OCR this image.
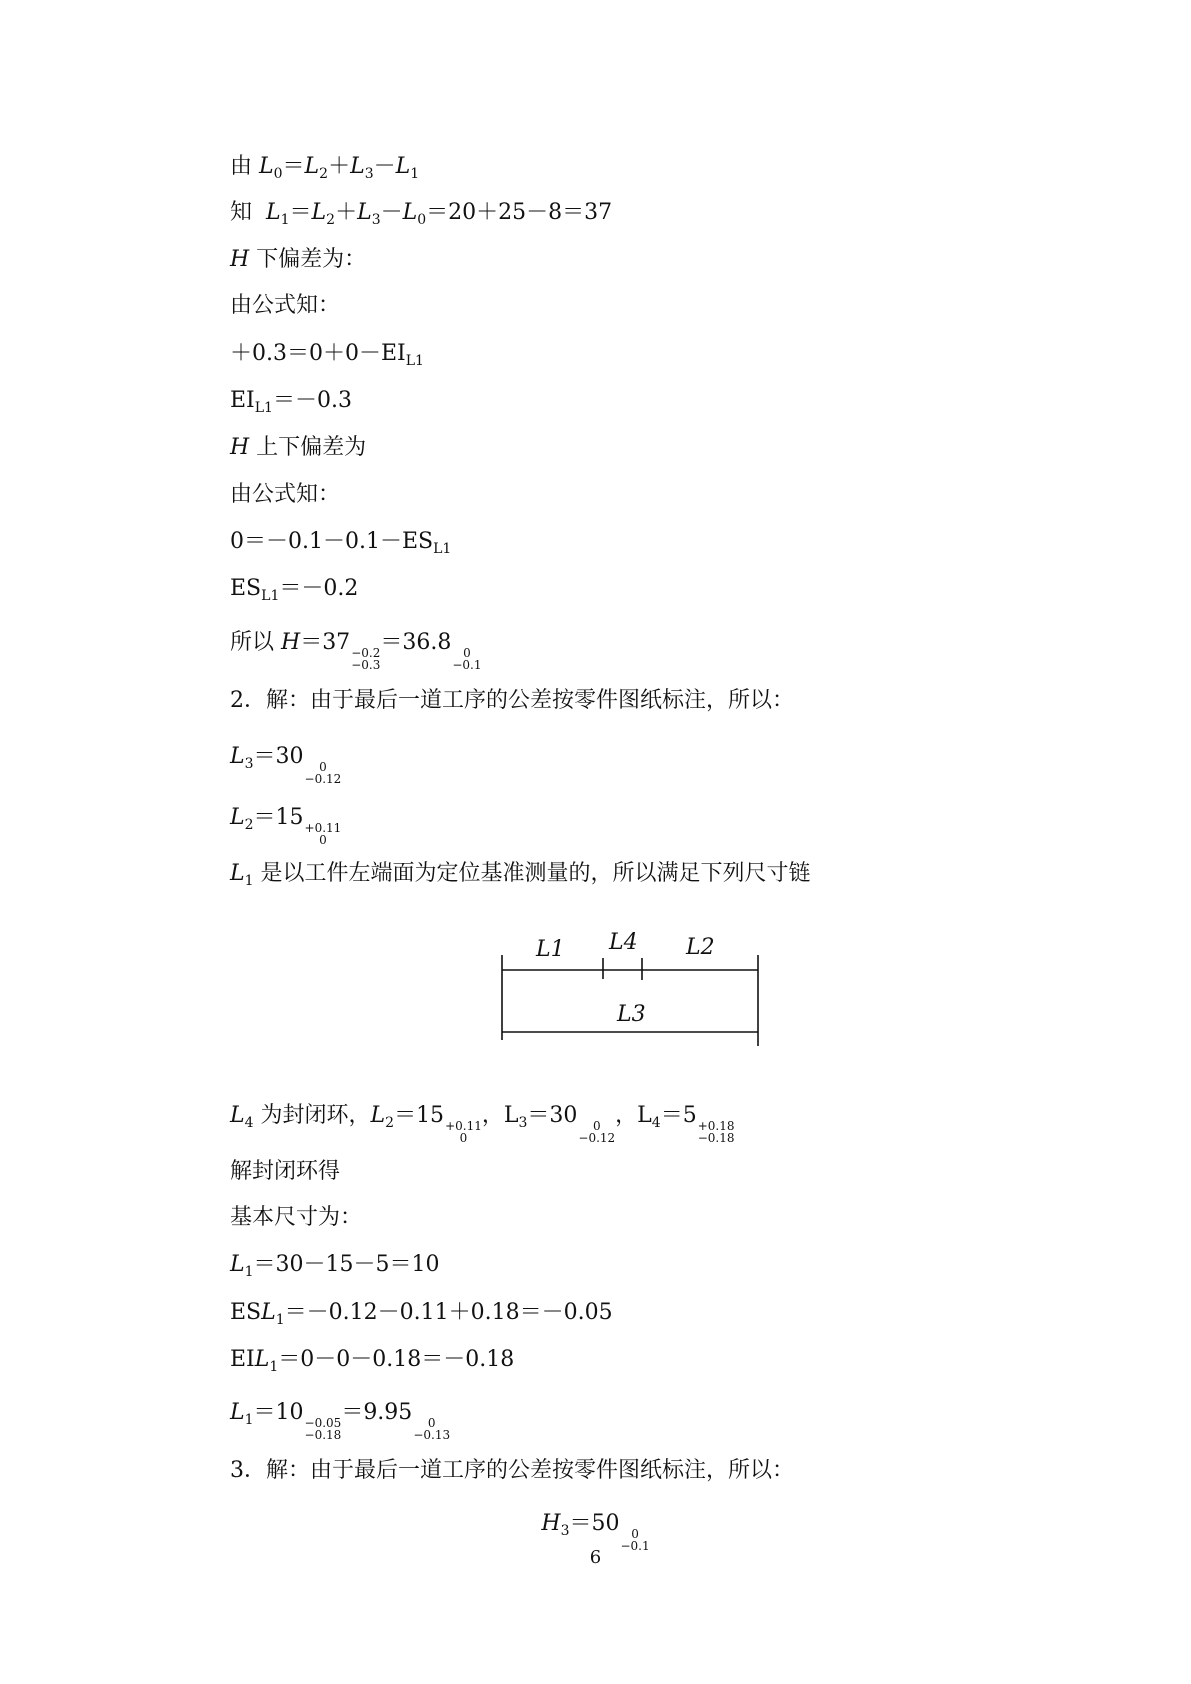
由 $L_0=L_2+L_3-L_1$
知  $L_1=L_2+L_3-L_0=20+25-8=37$
H 下偏差为：
由公式知：
$+0.3=0+0-EI_{L1}$
$EI_{L1}=-0.3$
H 上下偏差为
由公式知：
$0=-0.1-0.1-ES_{L1}$
$ES_{L1}=-0.2$
所以 H＝37 −0.2
−0.3
＝36.8 0
−0.1
2．解：由于最后一道工序的公差按零件图纸标注，所以：
$L_3=30$	0
−0.12
$L_2=15 +0.11$
0
$L_1$ 是以工件左端面为定位基准测量的，所以满足下列尺寸链
L1 L4 L2
L3
$L_4$ 为封闭环，$L_2=15 +0.11$
0
，$L_3=30$	0
−0.12
，$L_4=5 +0.18$
−0.18
解封闭环得
基本尺寸为：
$L_1=30-15-5=10$
$ESL_1=-0.12-0.11+0.18=-0.05$
$EIL_1=0-0-0.18=-0.18$
$L_1=10 -0.05$
−0.18
＝9.95	0
−0.13
3．解：由于最后一道工序的公差按零件图纸标注，所以：
$H_3=50$ 0
−0.1
6
